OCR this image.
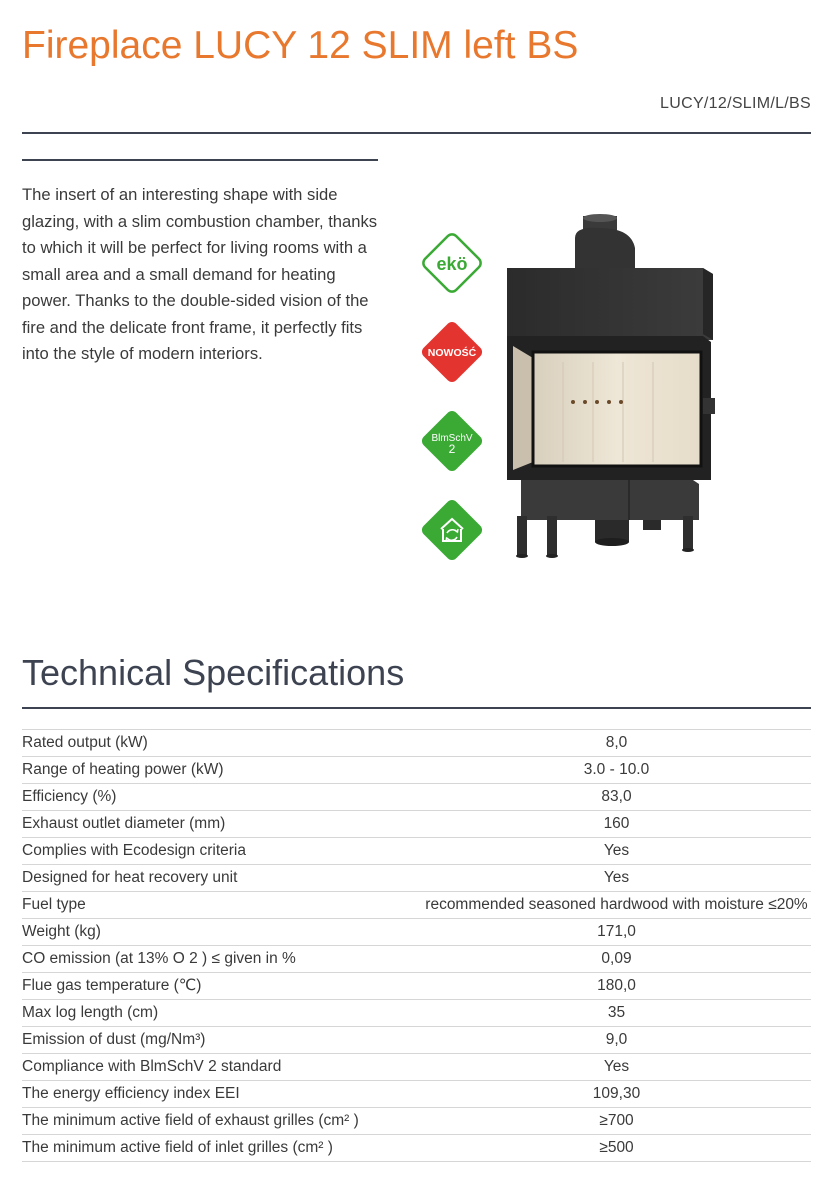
Fireplace LUCY 12 SLIM left BS
LUCY/12/SLIM/L/BS

The insert of an interesting shape with side glazing, with a slim combustion chamber, thanks to which it will be perfect for living rooms with a small area and a small demand for heating power. Thanks to the double-sided vision of the fire and the delicate front frame, it perfectly fits into the style of modern interiors.

ekö
NOWOŚĆ
BlmSchV
2
Technical Specifications
Rated output (kW)	8,0
Range of heating power (kW)	3.0 - 10.0
Efficiency (%)	83,0
Exhaust outlet diameter (mm)	160
Complies with Ecodesign criteria	Yes
Designed for heat recovery unit	Yes
Fuel type	recommended seasoned hardwood with moisture ≤20%
Weight (kg)	171,0
CO emission (at 13% O 2 ) ≤ given in %	0,09
Flue gas temperature (℃)	180,0
Max log length (cm)	35
Emission of dust (mg/Nm³)	9,0
Compliance with BlmSchV 2 standard	Yes
The energy efficiency index EEI	109,30
The minimum active field of exhaust grilles (cm² )	≥700
The minimum active field of inlet grilles (cm² )	≥500
